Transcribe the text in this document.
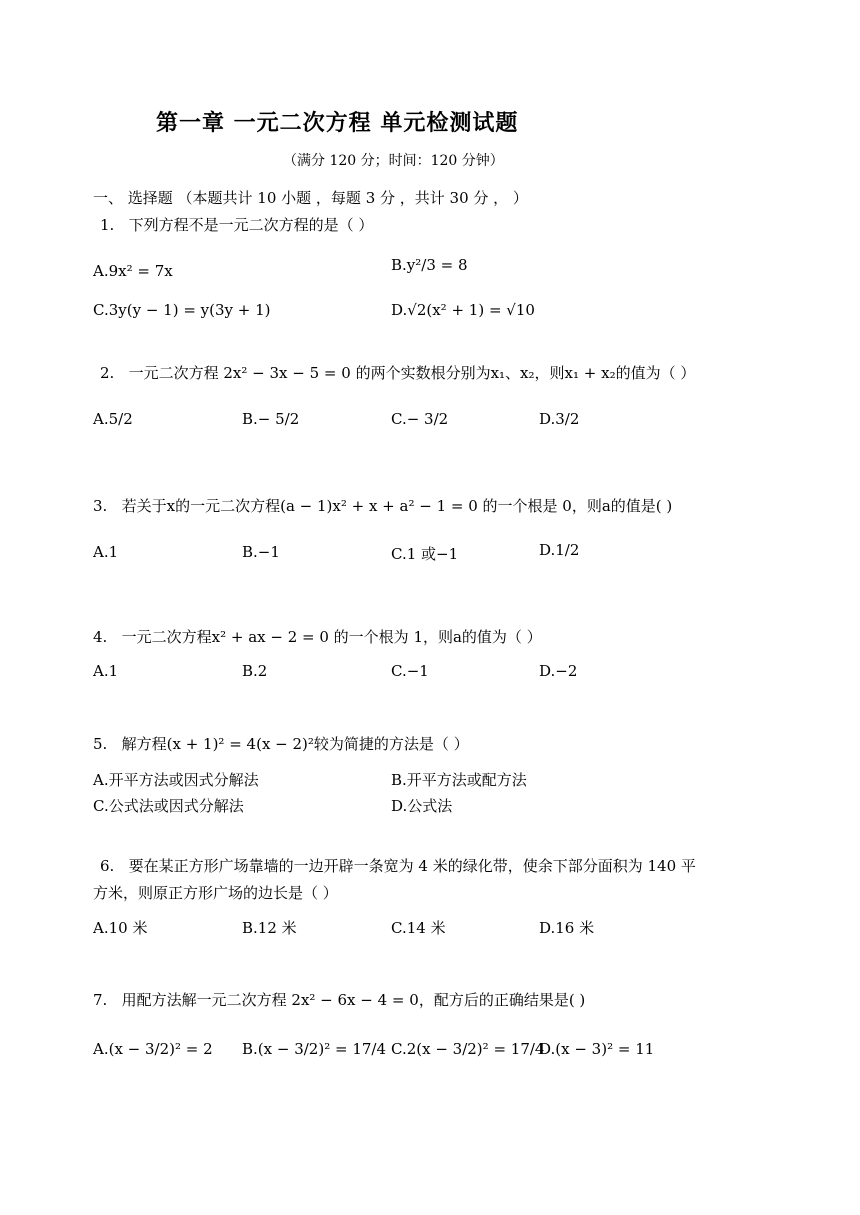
第一章 一元二次方程 单元检测试题
（满分 120 分；时间：120 分钟）
一、 选择题 （本题共计 10 小题 ，每题 3 分 ，共计 30 分 ， ）
1. 下列方程不是一元二次方程的是（ ）
A.9x² = 7x	B.y²/3 = 8
C.3y(y − 1) = y(3y + 1)	D.√2(x² + 1) = √10
2. 一元二次方程 2x² − 3x − 5 = 0 的两个实数根分别为x₁、x₂，则x₁ + x₂的值为（ ）
A.5/2	B.− 5/2	C.− 3/2	D.3/2
3. 若关于x的一元二次方程(a − 1)x² + x + a² − 1 = 0 的一个根是 0，则a的值是( )
A.1	B.−1	C.1 或−1	D.1/2
4. 一元二次方程x² + ax − 2 = 0 的一个根为 1，则a的值为（ ）
A.1	B.2	C.−1	D.−2
5. 解方程(x + 1)² = 4(x − 2)²较为简捷的方法是（ ）
A.开平方法或因式分解法	B.开平方法或配方法
C.公式法或因式分解法	D.公式法
6. 要在某正方形广场靠墙的一边开辟一条宽为 4 米的绿化带，使余下部分面积为 140 平
方米，则原正方形广场的边长是（ ）
A.10 米	B.12 米	C.14 米	D.16 米
7. 用配方法解一元二次方程 2x² − 6x − 4 = 0，配方后的正确结果是( )
A.(x − 3/2)² = 2 B.(x − 3/2)² = 17/4 C.2(x − 3/2)² = 17/4
D.(x − 3)² = 11
